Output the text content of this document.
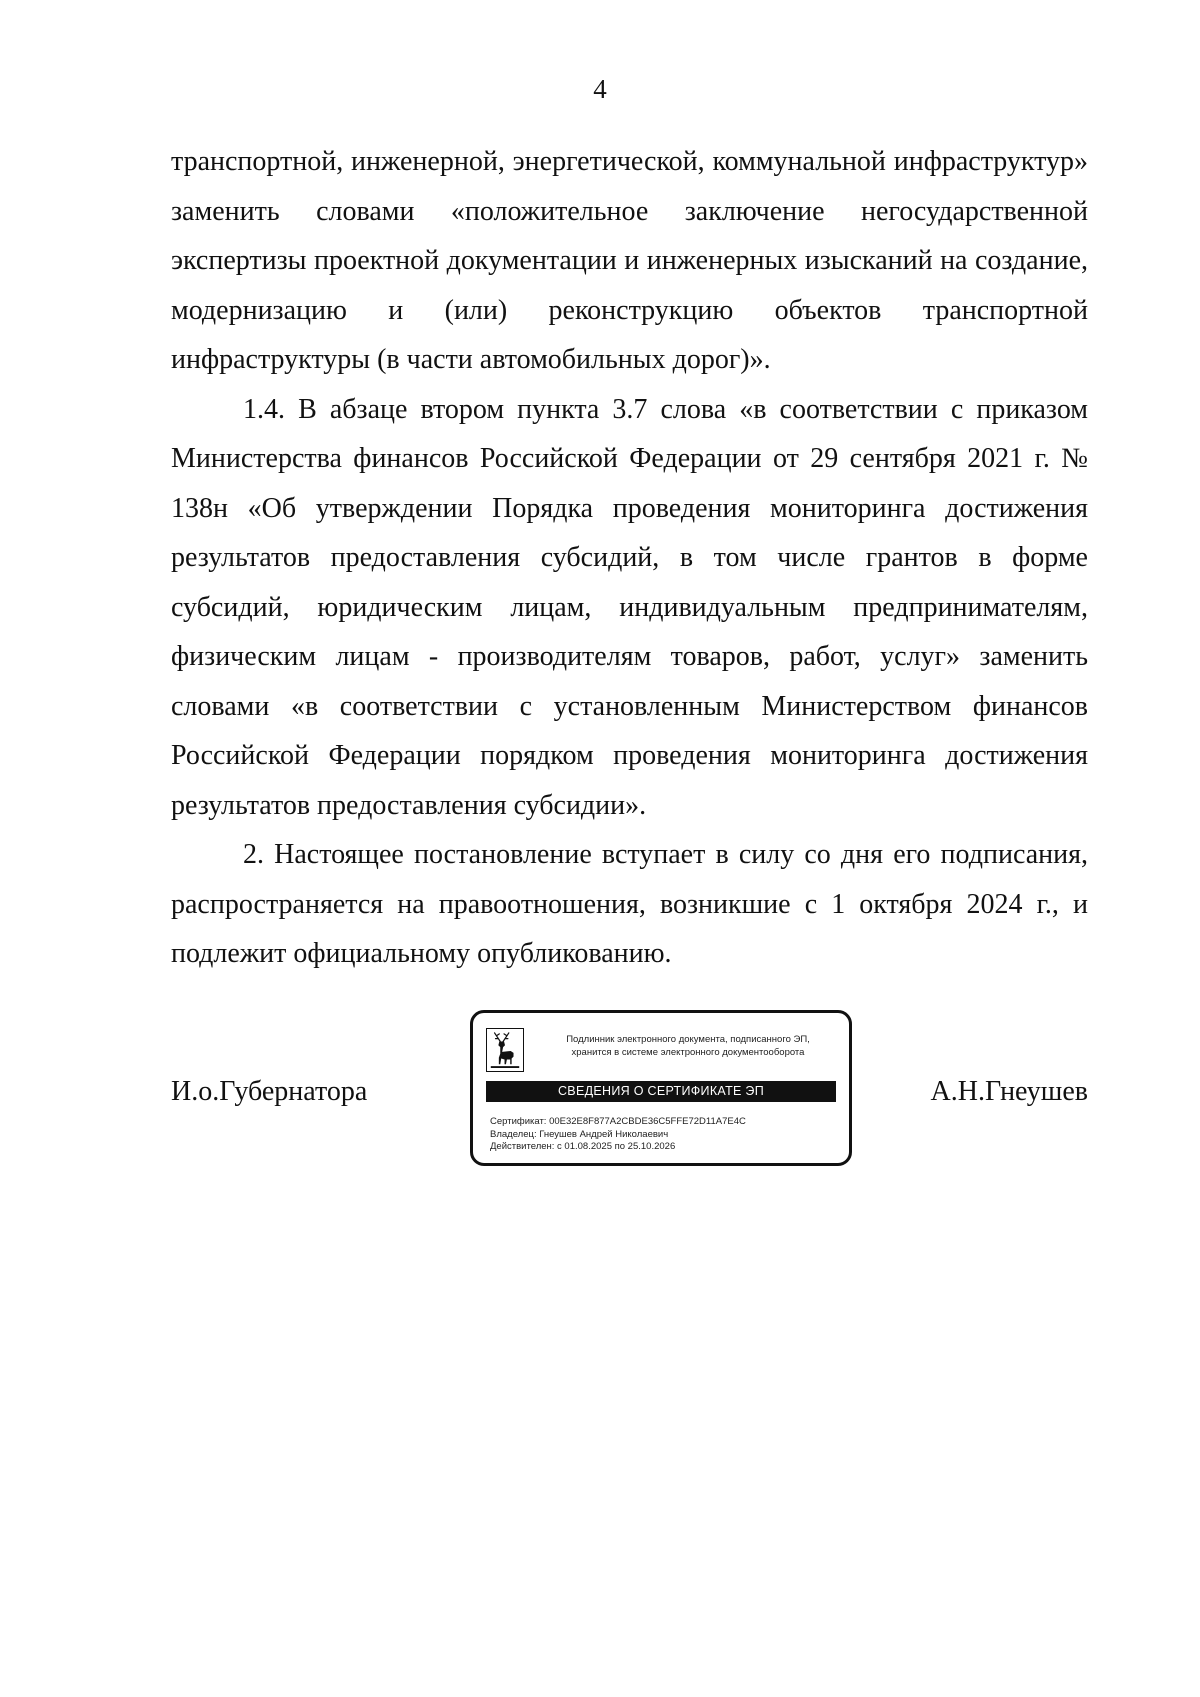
4

транспортной, инженерной, энергетической, коммунальной инфраструктур» заменить словами «положительное заключение негосударственной экспертизы проектной документации и инженерных изысканий на создание, модернизацию и (или) реконструкцию объектов транспортной инфраструктуры (в части автомобильных дорог)».

1.4. В абзаце втором пункта 3.7 слова «в соответствии с приказом Министерства финансов Российской Федерации от 29 сентября 2021 г. № 138н «Об утверждении Порядка проведения мониторинга достижения результатов предоставления субсидий, в том числе грантов в форме субсидий, юридическим лицам, индивидуальным предпринимателям, физическим лицам - производителям товаров, работ, услуг» заменить словами «в соответствии с установленным Министерством финансов Российской Федерации порядком проведения мониторинга достижения результатов предоставления субсидии».

2. Настоящее постановление вступает в силу со дня его подписания, распространяется на правоотношения, возникшие с 1 октября 2024 г., и подлежит официальному опубликованию.

И.о.Губернатора
Подлинник электронного документа, подписанного ЭП,
хранится в системе электронного документооборота
СВЕДЕНИЯ О СЕРТИФИКАТЕ ЭП
Сертификат: 00E32E8F877A2CBDE36C5FFE72D11A7E4C
Владелец: Гнеушев Андрей Николаевич
Действителен: с 01.08.2025 по 25.10.2026
А.Н.Гнеушев
